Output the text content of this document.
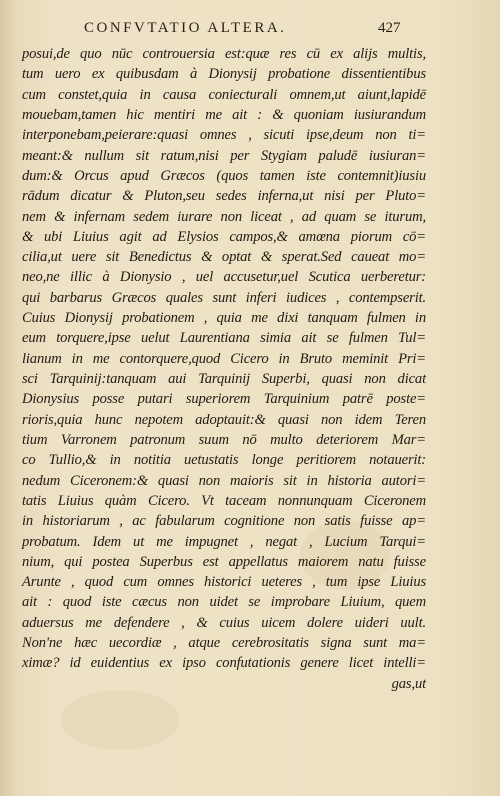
CONFVTATIO ALTERA.	427
posui,de quo nūc controuersia est:quæ res cū ex alijs multis,
tum uero ex quibusdam à Dionysij probatione dissentientibus
cum constet,quia in causa coniecturali omnem,ut aiunt,lapidē
mouebam,tamen hic mentiri me ait : & quoniam iusiurandum
interponebam,peierare:quasi omnes , sicuti ipse,deum non ti=
meant:& nullum sit ratum,nisi per Stygiam paludē iusiuran=
dum:& Orcus apud Græcos (quos tamen iste contemnit)iusiu
rādum dicatur & Pluton,seu sedes inferna,ut nisi per Pluto=
nem & infernam sedem iurare non liceat , ad quam se iturum,
& ubi Liuius agit ad Elysios campos,& amœna piorum cō=
cilia,ut uere sit Benedictus & optat & sperat.Sed caueat mo=
neo,ne illic à Dionysio , uel accusetur,uel Scutica uerberetur:
qui barbarus Græcos quales sunt inferi iudices , contempserit.
Cuius Dionysij probationem , quia me dixi tanquam fulmen in
eum torquere,ipse uelut Laurentiana simia ait se fulmen Tul=
lianum in me contorquere,quod Cicero in Bruto meminit Pri=
sci Tarquinij:tanquam aui Tarquinij Superbi, quasi non dicat
Dionysius posse putari superiorem Tarquinium patrē poste=
rioris,quia hunc nepotem adoptauit:& quasi non idem Teren
tium Varronem patronum suum nō multo deteriorem Mar=
co Tullio,& in notitia uetustatis longe peritiorem notauerit:
nedum Ciceronem:& quasi non maioris sit in historia autori=
tatis Liuius quàm Cicero. Vt taceam nonnunquam Ciceronem
in historiarum , ac fabularum cognitione non satis fuisse ap=
probatum. Idem ut me impugnet , negat , Lucium Tarqui=
nium, qui postea Superbus est appellatus maiorem natu fuisse
Arunte , quod cum omnes historici ueteres , tum ipse Liuius
ait : quod iste cæcus non uidet se improbare Liuium, quem
aduersus me defendere , & cuius uicem dolere uideri uult.
Non'ne hæc uecordiæ , atque cerebrositatis signa sunt ma=
ximæ? id euidentius ex ipso confutationis genere licet intelli=
gas,ut
